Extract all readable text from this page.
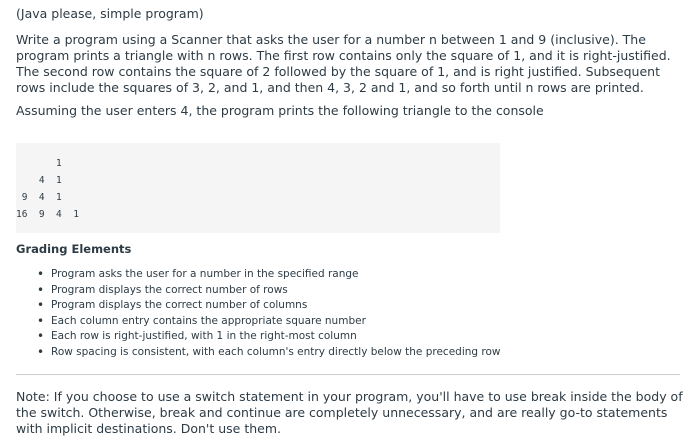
(Java please, simple program)

Write a program using a Scanner that asks the user for a number n between 1 and 9 (inclusive). The program prints a triangle with n rows. The first row contains only the square of 1, and it is right-justified. The second row contains the square of 2 followed by the square of 1, and is right justified. Subsequent rows include the squares of 3, 2, and 1, and then 4, 3, 2 and 1, and so forth until n rows are printed.

Assuming the user enters 4, the program prints the following triangle to the console

1
4  1
9  4  1
16  9  4  1

Grading Elements

• Program asks the user for a number in the specified range
• Program displays the correct number of rows
• Program displays the correct number of columns
• Each column entry contains the appropriate square number
• Each row is right-justified, with 1 in the right-most column
• Row spacing is consistent, with each column's entry directly below the preceding row

Note: If you choose to use a switch statement in your program, you'll have to use break inside the body of the switch. Otherwise, break and continue are completely unnecessary, and are really go-to statements with implicit destinations. Don't use them.
